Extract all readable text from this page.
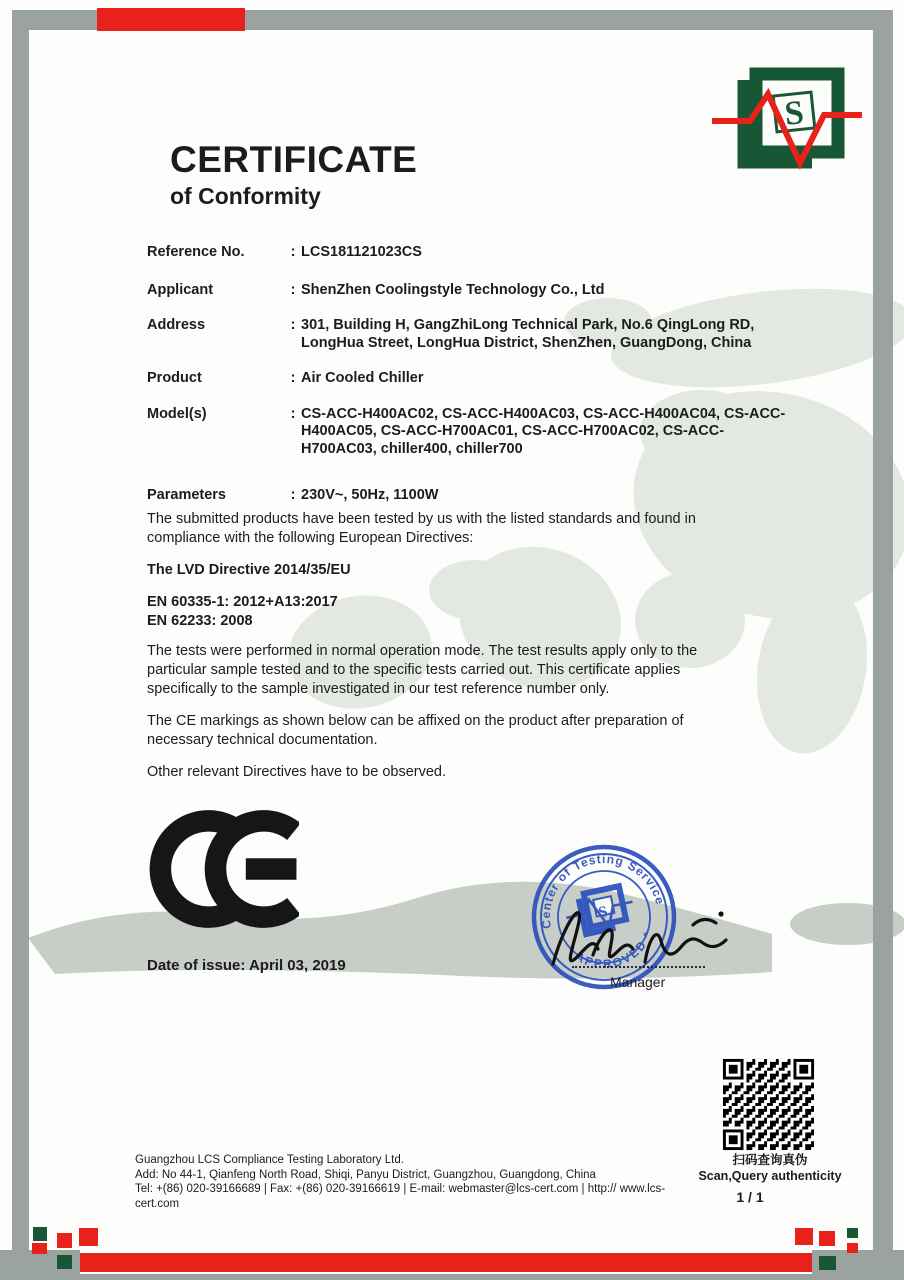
S
CERTIFICATE
of Conformity
Reference No.	: LCS181121023CS
Applicant	: ShenZhen Coolingstyle Technology Co., Ltd
Address	: 301, Building H, GangZhiLong Technical Park, No.6 QingLong RD, LongHua Street, LongHua District, ShenZhen, GuangDong, China
Product	: Air Cooled Chiller
Model(s)	: CS-ACC-H400AC02, CS-ACC-H400AC03, CS-ACC-H400AC04, CS-ACC-H400AC05, CS-ACC-H700AC01, CS-ACC-H700AC02, CS-ACC-H700AC03, chiller400, chiller700
Parameters	: 230V~, 50Hz, 1100W

The submitted products have been tested by us with the listed standards and found in compliance with the following European Directives:

The LVD Directive 2014/35/EU

EN 60335-1: 2012+A13:2017
EN 62233: 2008

The tests were performed in normal operation mode. The test results apply only to the particular sample tested and to the specific tests carried out. This certificate applies specifically to the sample investigated in our test reference number only.

The CE markings as shown below can be affixed on the product after preparation of necessary technical documentation.

Other relevant Directives have to be observed.

Date of issue: April 03, 2019
Center of Testing Service
* APPROVED *
S
Manager
扫码查询真伪
Scan,Query authenticity
1 / 1
Guangzhou LCS Compliance Testing Laboratory Ltd.
Add: No 44-1, Qianfeng North Road, Shiqi, Panyu District, Guangzhou, Guangdong, China
Tel: +(86) 020-39166689 | Fax: +(86) 020-39166619 | E-mail: webmaster@lcs-cert.com | http:// www.lcs-cert.com
